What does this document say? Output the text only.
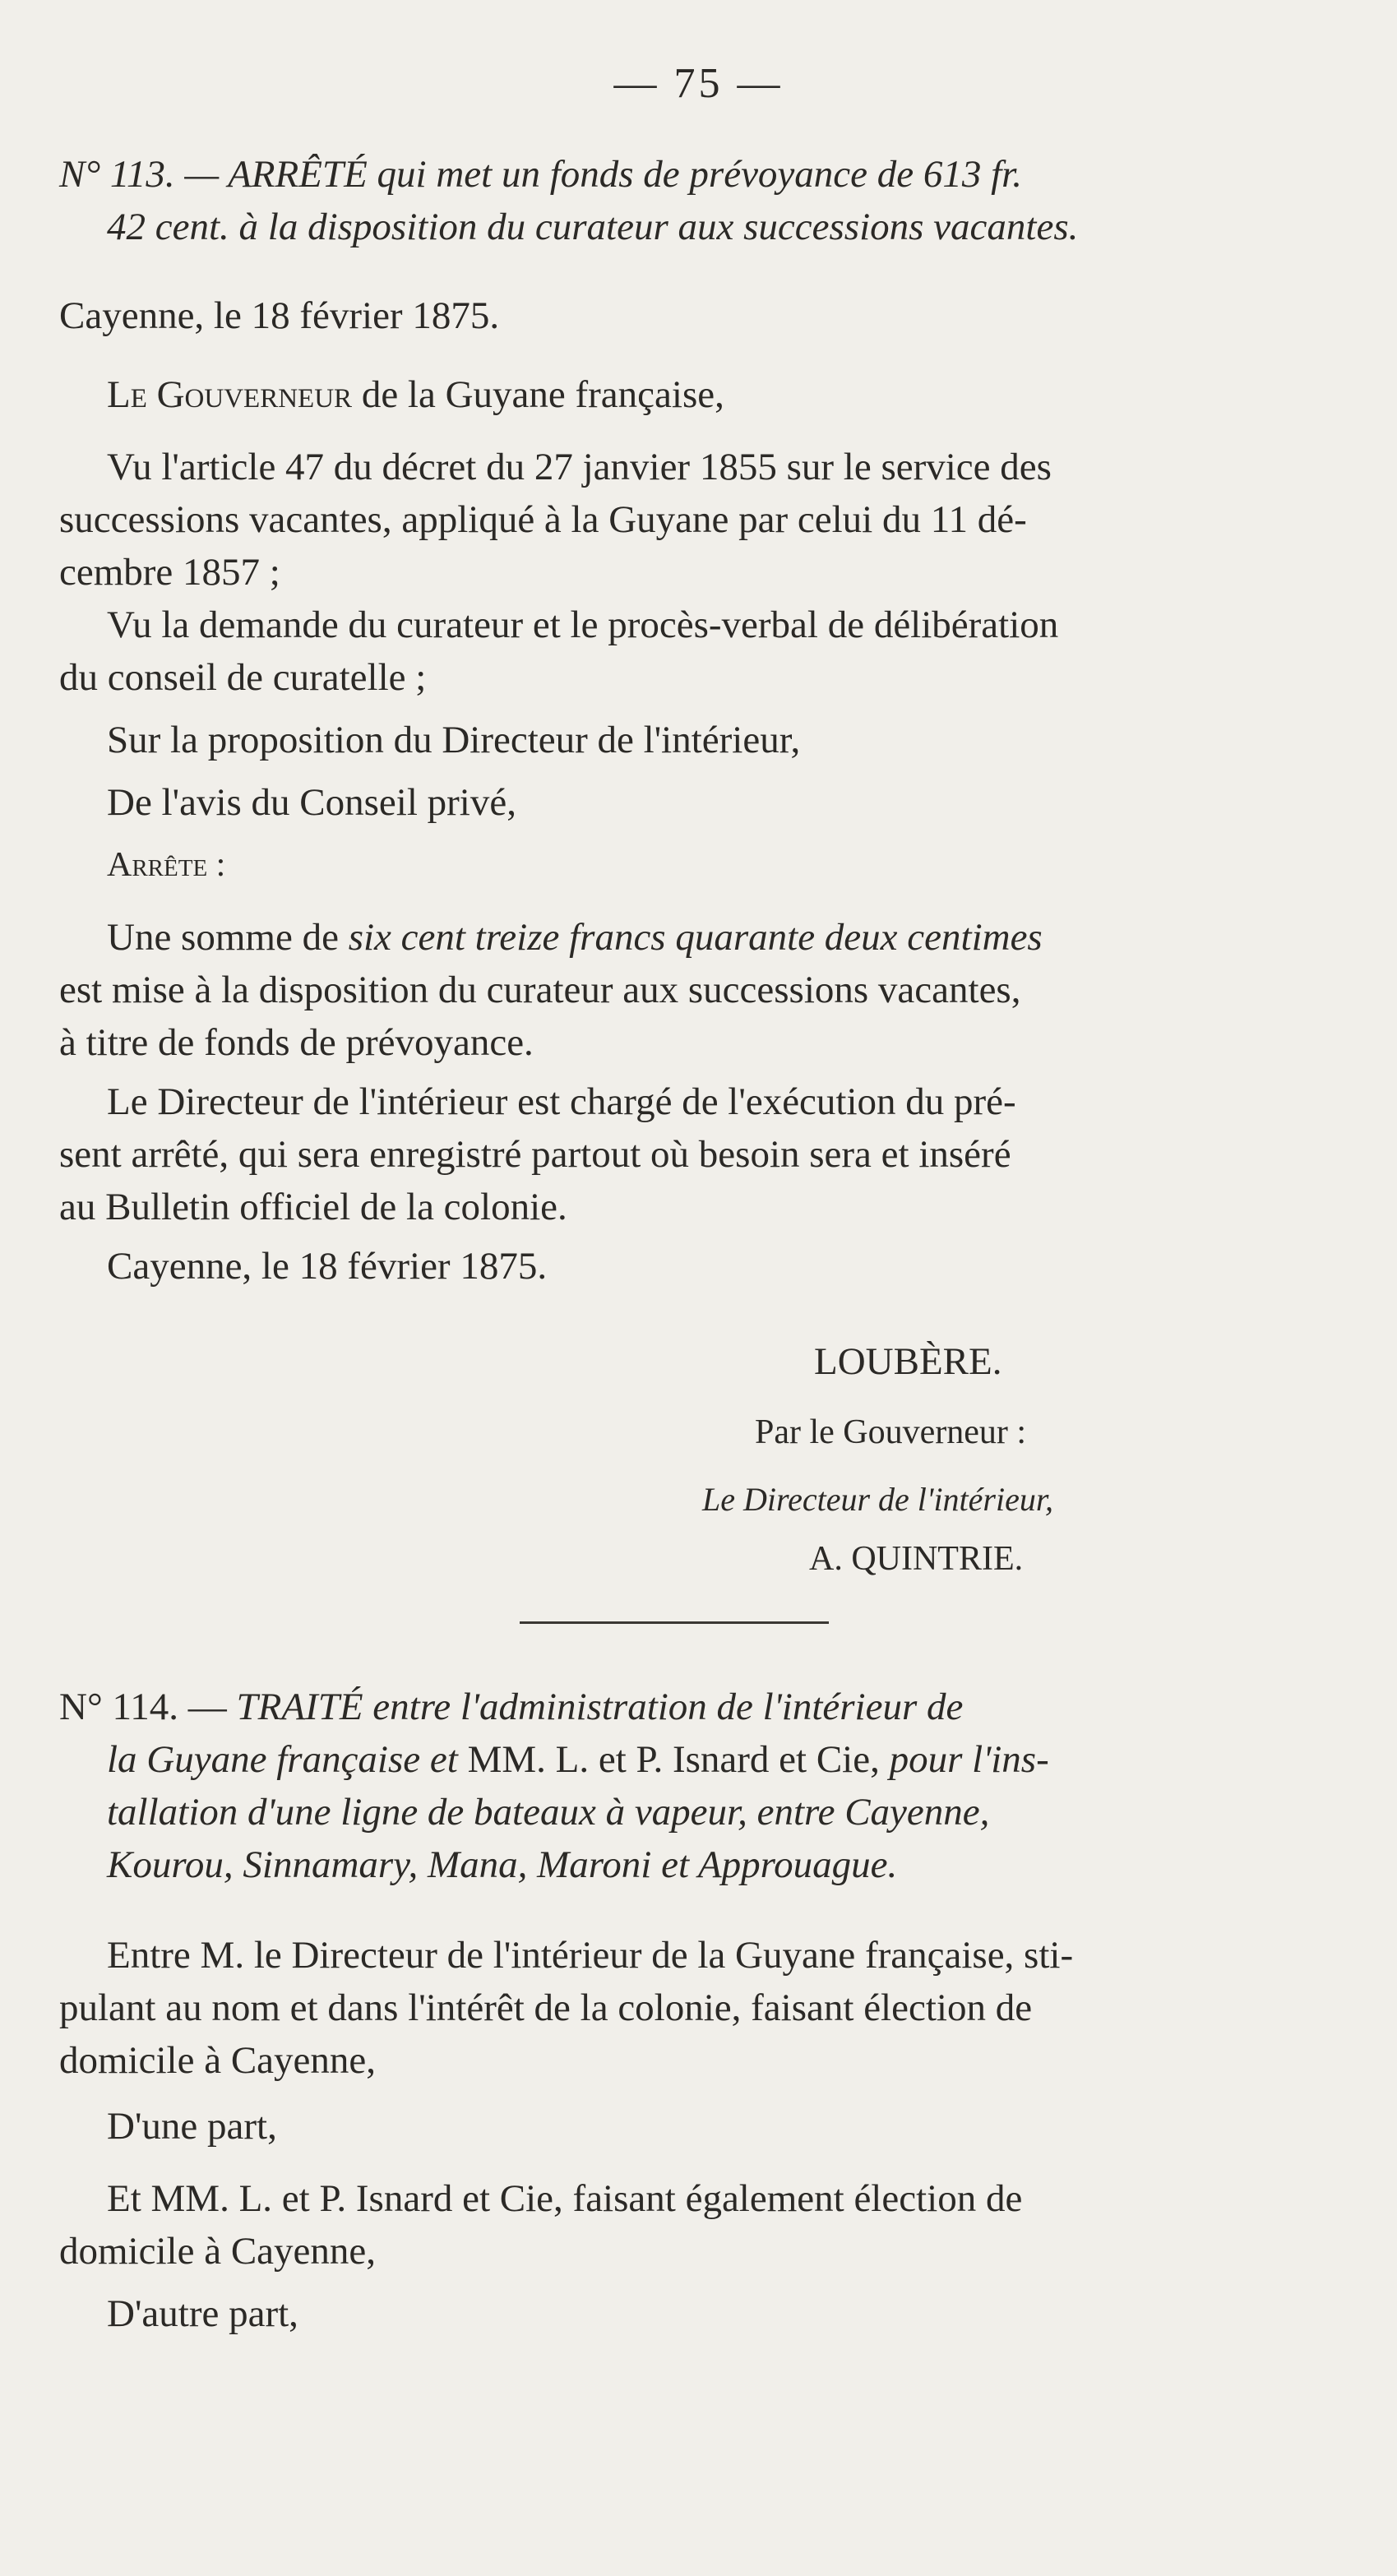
— 75 —
N° 113. — ARRÊTÉ qui met un fonds de prévoyance de 613 fr.
42 cent. à la disposition du curateur aux successions vacantes.
Cayenne, le 18 février 1875.
Le Gouverneur de la Guyane française,
Vu l'article 47 du décret du 27 janvier 1855 sur le service des
successions vacantes, appliqué à la Guyane par celui du 11 dé-
cembre 1857 ;
Vu la demande du curateur et le procès-verbal de délibération
du conseil de curatelle ;
Sur la proposition du Directeur de l'intérieur,
De l'avis du Conseil privé,
Arrête :
Une somme de six cent treize francs quarante deux centimes
est mise à la disposition du curateur aux successions vacantes,
à titre de fonds de prévoyance.
Le Directeur de l'intérieur est chargé de l'exécution du pré-
sent arrêté, qui sera enregistré partout où besoin sera et inséré
au Bulletin officiel de la colonie.
Cayenne, le 18 février 1875.
LOUBÈRE.
Par le Gouverneur :
Le Directeur de l'intérieur,
A. QUINTRIE.
N° 114. — TRAITÉ entre l'administration de l'intérieur de
la Guyane française et MM. L. et P. Isnard et Cie, pour l'ins-
tallation d'une ligne de bateaux à vapeur, entre Cayenne,
Kourou, Sinnamary, Mana, Maroni et Approuague.
Entre M. le Directeur de l'intérieur de la Guyane française, sti-
pulant au nom et dans l'intérêt de la colonie, faisant élection de
domicile à Cayenne,
D'une part,
Et MM. L. et P. Isnard et Cie, faisant également élection de
domicile à Cayenne,
D'autre part,
